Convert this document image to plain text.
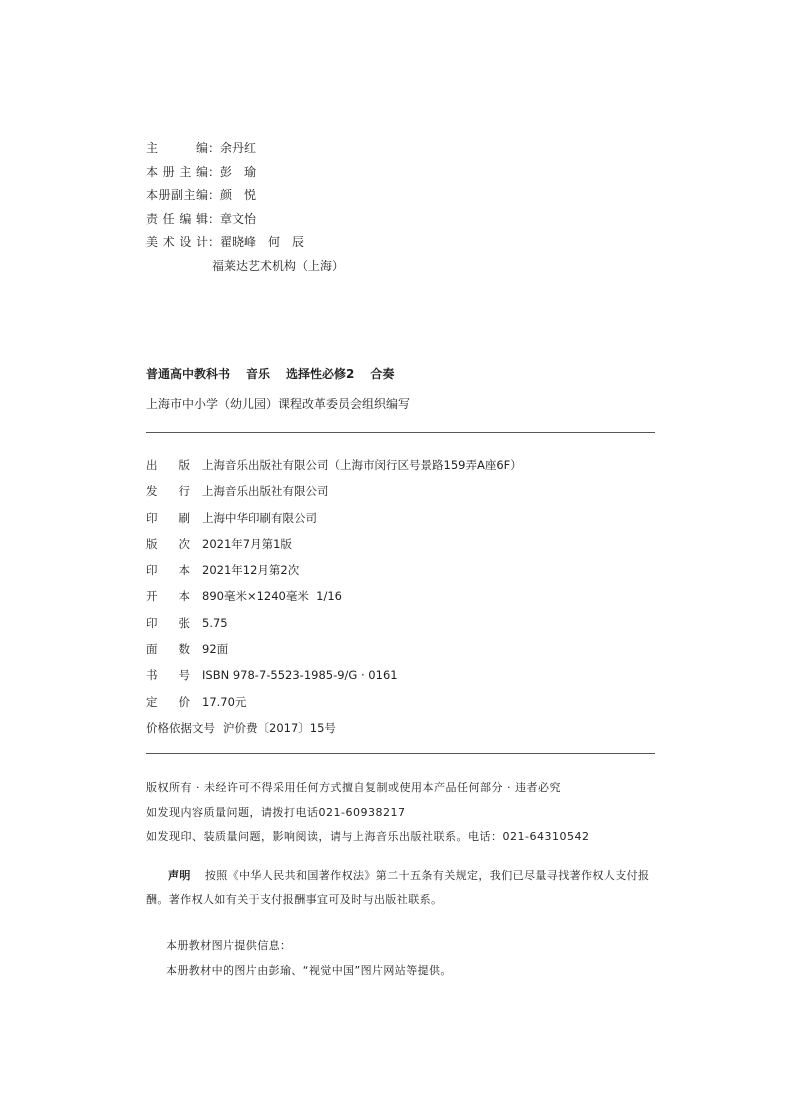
主	编 ： 余丹红
本 册 主 编 ： 彭　瑜
本 册 副 主 编 ： 颜　悦
责 任 编 辑 ： 章文怡
美 术 设 计 ： 翟晓峰　何　辰
福莱达艺术机构（上海）
普通高中教科书 音乐 选择性必修2 合奏
上海市中小学（幼儿园）课程改革委员会组织编写
出 版 上海音乐出版社有限公司（上海市闵行区号景路159弄A座6F）
发 行 上海音乐出版社有限公司
印 刷 上海中华印刷有限公司
版 次 2021年7月第1版
印 本 2021年12月第2次
开 本 890毫米×1240毫米  1/16
印 张 5.75
面 数 92面
书 号 ISBN 978-7-5523-1985-9/G · 0161
定 价 17.70元
价格依据文号 沪价费〔2017〕15号
版权所有 · 未经许可不得采用任何方式擅自复制或使用本产品任何部分 · 违者必究
如发现内容质量问题，请拨打电话021-60938217
如发现印、装质量问题，影响阅读，请与上海音乐出版社联系。电话：021-64310542
声明 按照《中华人民共和国著作权法》第二十五条有关规定，我们已尽量寻找著作权人支付报酬。著作权人如有关于支付报酬事宜可及时与出版社联系。
本册教材图片提供信息：
本册教材中的图片由彭瑜、“视觉中国”图片网站等提供。
